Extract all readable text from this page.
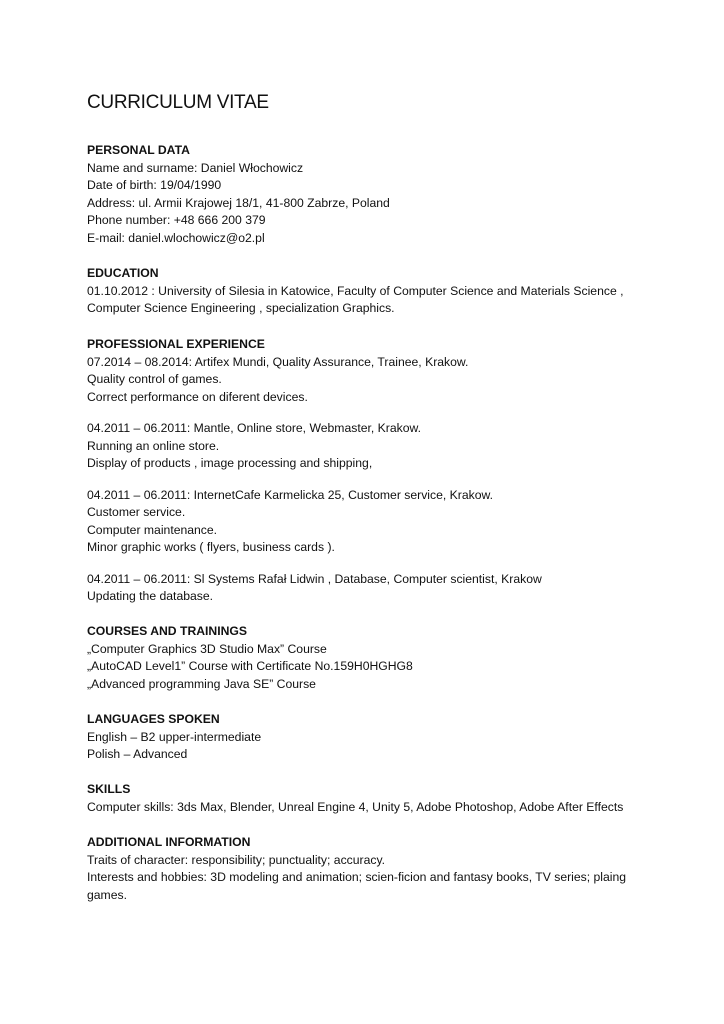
CURRICULUM VITAE
PERSONAL DATA
Name and surname: Daniel Włochowicz
Date of birth: 19/04/1990
Address: ul. Armii Krajowej 18/1, 41-800 Zabrze, Poland
Phone number: +48 666 200 379
E-mail: daniel.wlochowicz@o2.pl
EDUCATION
01.10.2012 : University of Silesia in Katowice, Faculty of Computer Science and Materials Science ,
Computer Science Engineering , specialization Graphics.
PROFESSIONAL EXPERIENCE
07.2014 – 08.2014: Artifex Mundi, Quality Assurance, Trainee, Krakow.
Quality control of games.
Correct performance on diferent devices.
04.2011 – 06.2011: Mantle, Online store, Webmaster, Krakow.
Running an online store.
Display of products , image processing and shipping,
04.2011 – 06.2011: InternetCafe Karmelicka 25, Customer service, Krakow.
Customer service.
Computer maintenance.
Minor graphic works ( flyers, business cards ).
04.2011 – 06.2011: Sl Systems Rafał Lidwin , Database, Computer scientist, Krakow
Updating the database.
COURSES AND TRAININGS
„Computer Graphics 3D Studio Max” Course
„AutoCAD Level1” Course with Certificate No.159H0HGHG8
„Advanced programming Java SE” Course
LANGUAGES SPOKEN
English – B2 upper-intermediate
Polish – Advanced
SKILLS
Computer skills: 3ds Max, Blender, Unreal Engine 4, Unity 5, Adobe Photoshop, Adobe After Effects
ADDITIONAL INFORMATION
Traits of character: responsibility; punctuality; accuracy.
Interests and hobbies: 3D modeling and animation; scien-ficion and fantasy books, TV series; plaing games.
